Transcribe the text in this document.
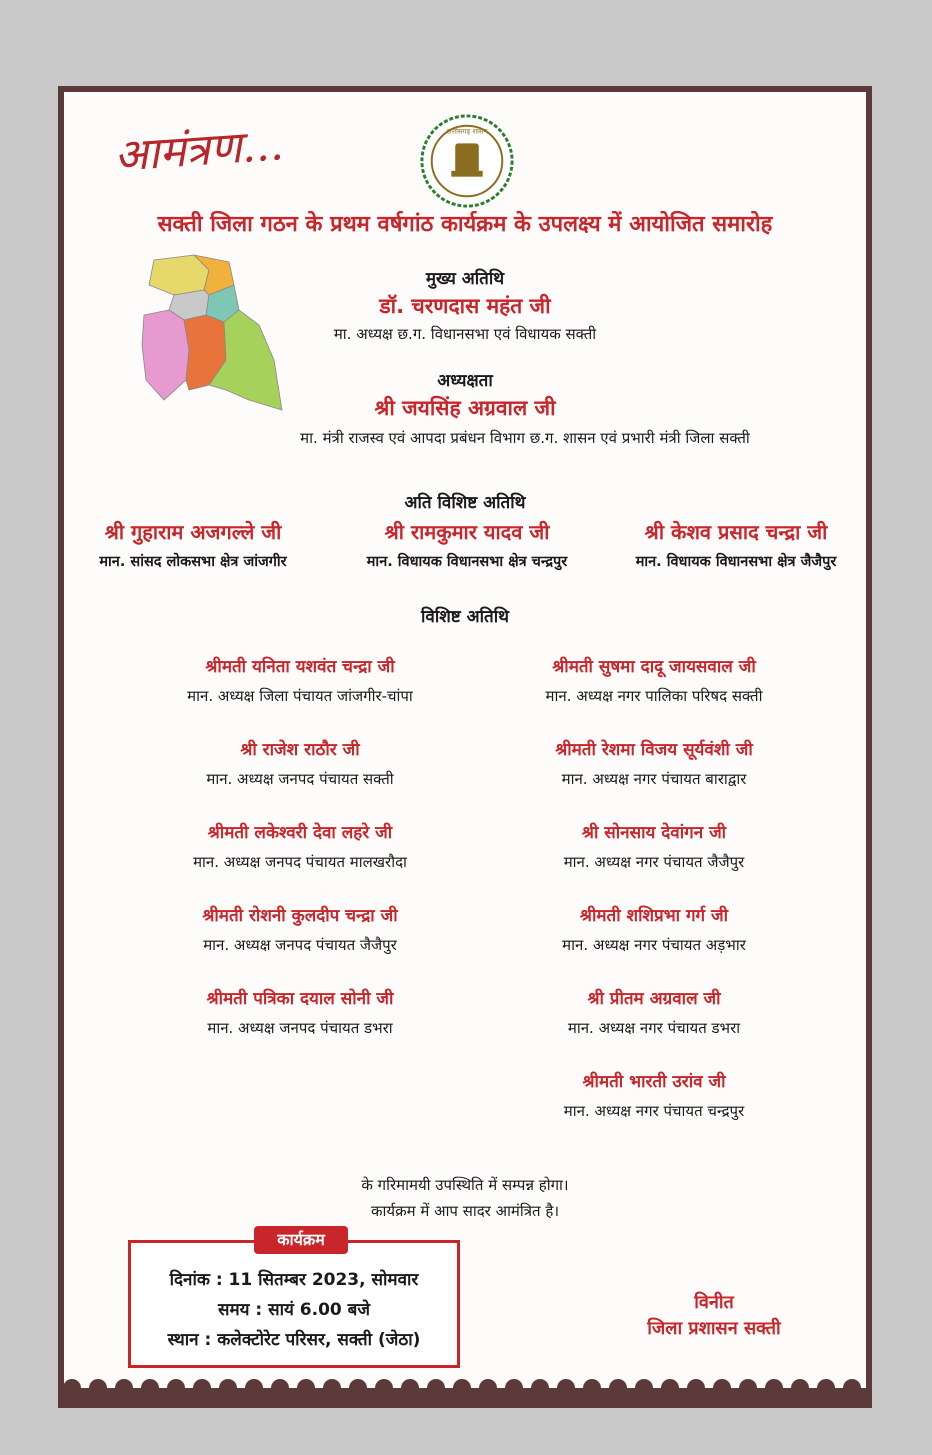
आमंत्रण...	छत्तीसगढ़ शासन
सक्ती जिला गठन के प्रथम वर्षगांठ कार्यक्रम के उपलक्ष्य में आयोजित समारोह
मुख्य अतिथि
डॉ. चरणदास महंत जी
मा. अध्यक्ष छ.ग. विधानसभा एवं विधायक सक्ती
अध्यक्षता
श्री जयसिंह अग्रवाल जी
मा. मंत्री राजस्व एवं आपदा प्रबंधन विभाग छ.ग. शासन एवं प्रभारी मंत्री जिला सक्ती
अति विशिष्ट अतिथि
श्री गुहाराम अजगल्ले जी
मान. सांसद लोकसभा क्षेत्र जांजगीर
श्री रामकुमार यादव जी
मान. विधायक विधानसभा क्षेत्र चन्द्रपुर
श्री केशव प्रसाद चन्द्रा जी
मान. विधायक विधानसभा क्षेत्र जैजैपुर
विशिष्ट अतिथि
श्रीमती यनिता यशवंत चन्द्रा जी
मान. अध्यक्ष जिला पंचायत जांजगीर-चांपा
श्री राजेश राठौर जी
मान. अध्यक्ष जनपद पंचायत सक्ती
श्रीमती लकेश्वरी देवा लहरे जी
मान. अध्यक्ष जनपद पंचायत मालखरौदा
श्रीमती रोशनी कुलदीप चन्द्रा जी
मान. अध्यक्ष जनपद पंचायत जैजैपुर
श्रीमती पत्रिका दयाल सोनी जी
मान. अध्यक्ष जनपद पंचायत डभरा
श्रीमती सुषमा दादू जायसवाल जी
मान. अध्यक्ष नगर पालिका परिषद सक्ती
श्रीमती रेशमा विजय सूर्यवंशी जी
मान. अध्यक्ष नगर पंचायत बाराद्वार
श्री सोनसाय देवांगन जी
मान. अध्यक्ष नगर पंचायत जैजैपुर
श्रीमती शशिप्रभा गर्ग जी
मान. अध्यक्ष नगर पंचायत अड़भार
श्री प्रीतम अग्रवाल जी
मान. अध्यक्ष नगर पंचायत डभरा
श्रीमती भारती उरांव जी
मान. अध्यक्ष नगर पंचायत चन्द्रपुर
के गरिमामयी उपस्थिति में सम्पन्न होगा।
कार्यक्रम में आप सादर आमंत्रित है।
दिनांक : 11 सितम्बर 2023, सोमवार
समय : सायं 6.00 बजे
स्थान : कलेक्टोरेट परिसर, सक्ती (जेठा)
कार्यक्रम
विनीत
जिला प्रशासन सक्ती
